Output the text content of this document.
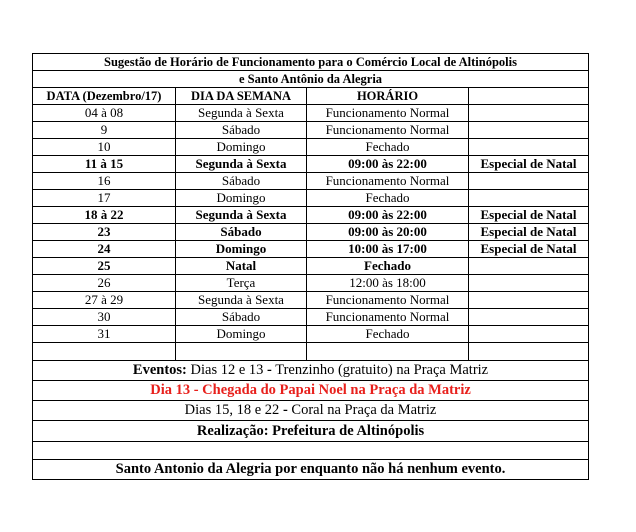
Sugestão de Horário de Funcionamento para o Comércio Local de Altinópolis			
e Santo Antônio da Alegria			
DATA (Dezembro/17)	DIA DA SEMANA	HORÁRIO	
04 à 08	Segunda à Sexta	Funcionamento Normal	
9	Sábado	Funcionamento Normal	
10	Domingo	Fechado	
11 à 15	Segunda à Sexta	09:00 às 22:00	Especial de Natal
16	Sábado	Funcionamento Normal	
17	Domingo	Fechado	
18 à 22	Segunda à Sexta	09:00 às 22:00	Especial de Natal
23	Sábado	09:00 às 20:00	Especial de Natal
24	Domingo	10:00 às 17:00	Especial de Natal
25	Natal	Fechado	
26	Terça	12:00 às 18:00	
27 à 29	Segunda à Sexta	Funcionamento Normal	
30	Sábado	Funcionamento Normal	
31	Domingo	Fechado	

Eventos: Dias 12 e 13 - Trenzinho (gratuito) na Praça Matriz			
Dia 13 - Chegada do Papai Noel na Praça da Matriz			
Dias 15, 18 e 22 - Coral na Praça da Matriz			
Realização: Prefeitura de Altinópolis			

Santo Antonio da Alegria por enquanto não há nenhum evento.			
